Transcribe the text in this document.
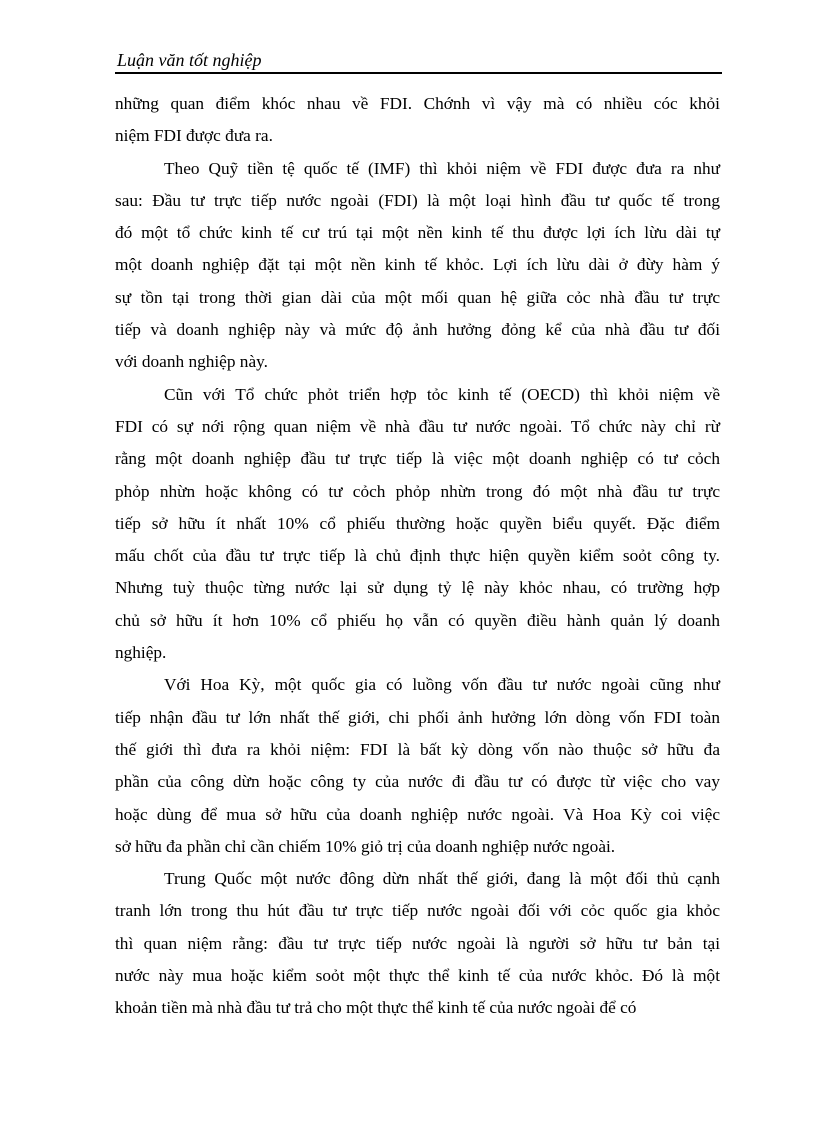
Luận văn tốt nghiệp
những quan điểm khóc nhau về FDI. Chớnh vì vậy mà có nhiều cóc khỏi
niệm FDI được đưa ra.
Theo Quỹ tiền tệ quốc tế (IMF) thì khỏi niệm về FDI được đưa ra như
sau: Đầu tư trực tiếp nước ngoài (FDI) là một loại hình đầu tư quốc tế trong
đó một tổ chức kinh tế cư trú tại một nền kinh tế thu được lợi ích lừu dài tự
một doanh nghiệp đặt tại một nền kinh tế khỏc. Lợi ích lừu dài ở đừy hàm ý
sự tồn tại trong thời gian dài của một mối quan hệ giữa cỏc nhà đầu tư trực
tiếp và doanh nghiệp này và mức độ ảnh hưởng đỏng kể của nhà đầu tư đối
với doanh nghiệp này.
Cũn với Tổ chức phỏt triển hợp tỏc kinh tế (OECD) thì khỏi niệm về
FDI có sự nới rộng quan niệm về nhà đầu tư nước ngoài. Tổ chức này chỉ rừ
rằng một doanh nghiệp đầu tư trực tiếp là việc một doanh nghiệp có tư cỏch
phỏp nhừn hoặc không có tư cỏch phỏp nhừn trong đó một nhà đầu tư trực
tiếp sở hữu ít nhất 10% cổ phiếu thường hoặc quyền biểu quyết. Đặc điểm
mấu chốt của đầu tư trực tiếp là chủ định thực hiện quyền kiểm soỏt công ty.
Nhưng tuỳ thuộc từng nước lại sử dụng tỷ lệ này khỏc nhau, có trường hợp
chủ sở hữu ít hơn 10% cổ phiếu họ vẫn có quyền điều hành quản lý doanh
nghiệp.
Với Hoa Kỳ, một quốc gia có luồng vốn đầu tư nước ngoài cũng như
tiếp nhận đầu tư lớn nhất thế giới, chi phối ảnh hưởng lớn dòng vốn FDI toàn
thế giới thì đưa ra khỏi niệm: FDI là bất kỳ dòng vốn nào thuộc sở hữu đa
phần của công dừn hoặc công ty của nước đi đầu tư có được từ việc cho vay
hoặc dùng để mua sở hữu của doanh nghiệp nước ngoài. Và Hoa Kỳ coi việc
sở hữu đa phần chỉ cần chiếm 10% giỏ trị của doanh nghiệp nước ngoài.
Trung Quốc một nước đông dừn nhất thế giới, đang là một đối thủ cạnh
tranh lớn trong thu hút đầu tư trực tiếp nước ngoài đối với cỏc quốc gia khỏc
thì quan niệm rằng: đầu tư trực tiếp nước ngoài là người sở hữu tư bản tại
nước này mua hoặc kiểm soỏt một thực thể kinh tế của nước khỏc. Đó là một
khoản tiền mà nhà đầu tư trả cho một thực thể kinh tế của nước ngoài để có
